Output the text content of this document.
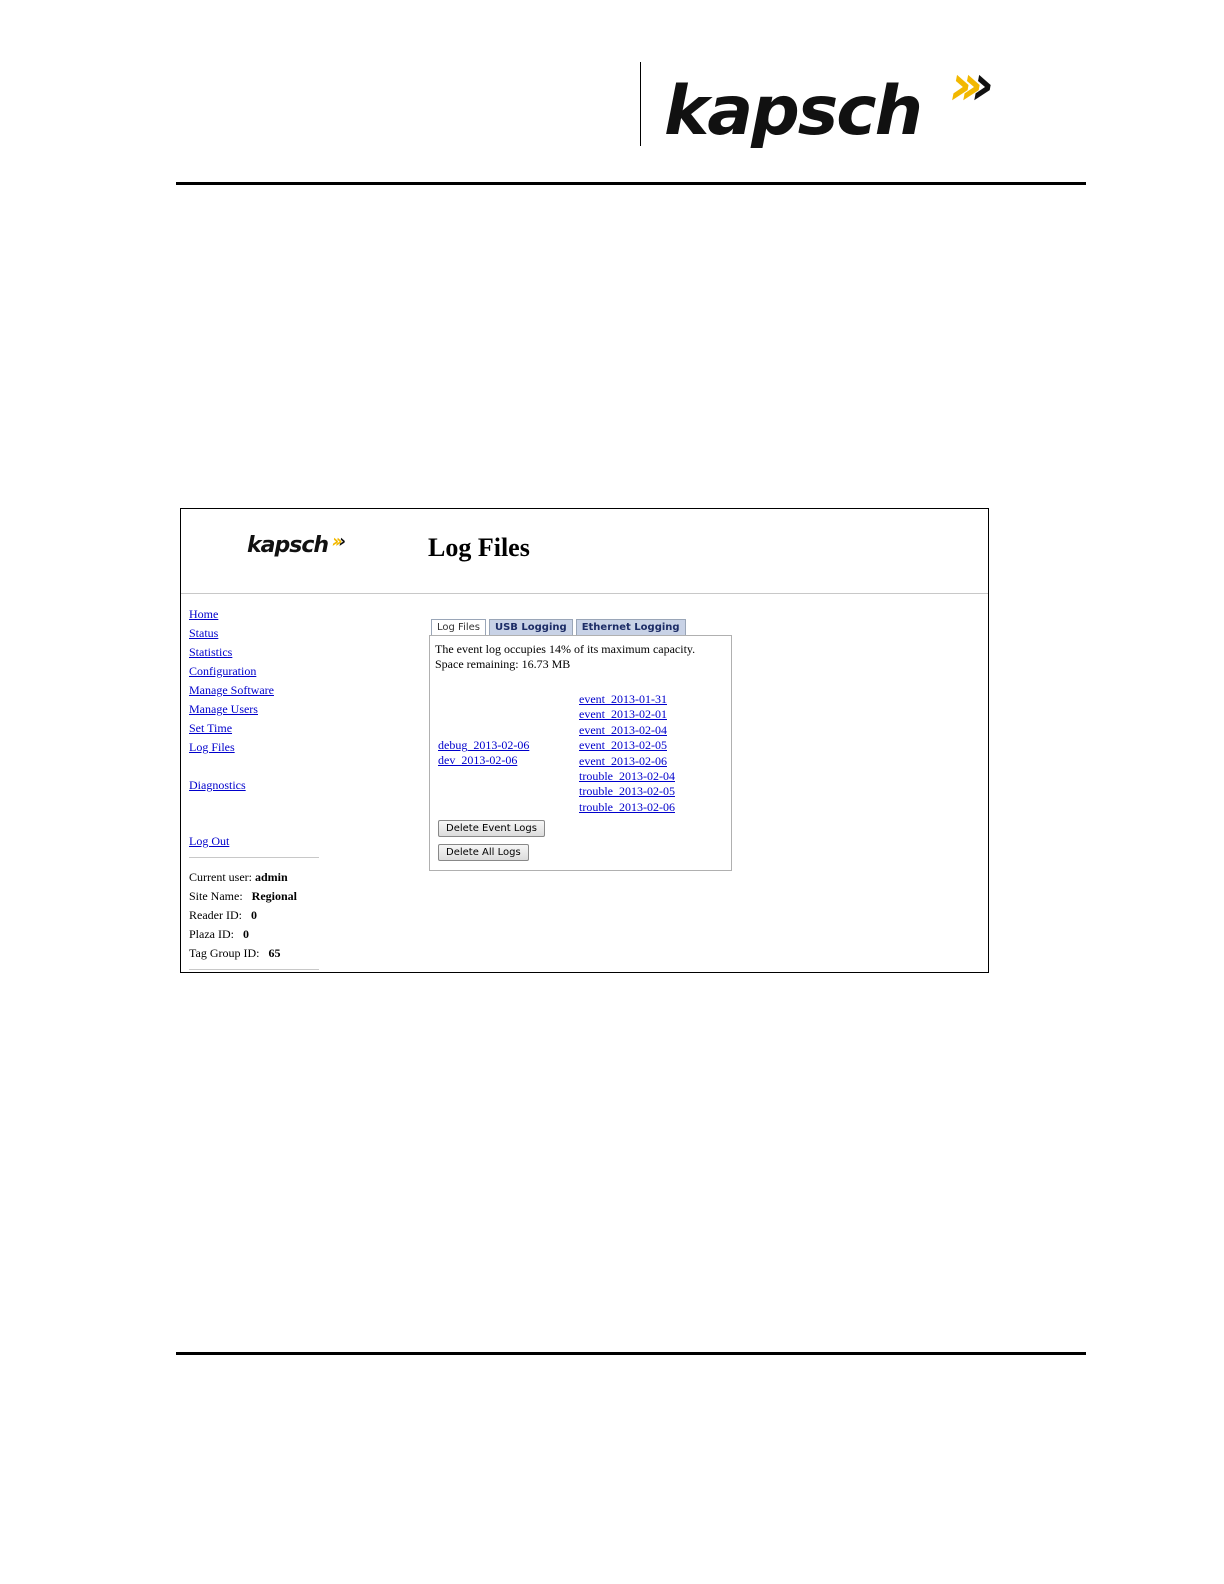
kapsch ›››
kapsch ›››	Log Files
Home
Status
Statistics
Configuration
Manage Software
Manage Users
Set Time
Log Files
Diagnostics
Log Out
Current user: admin
Site Name: Regional
Reader ID: 0
Plaza ID: 0
Tag Group ID: 65
Log Files	USB Logging	Ethernet Logging
The event log occupies 14% of its maximum capacity.
Space remaining: 16.73 MB
debug_2013-02-06
dev_2013-02-06
event_2013-01-31
event_2013-02-01
event_2013-02-04
event_2013-02-05
event_2013-02-06
trouble_2013-02-04
trouble_2013-02-05
trouble_2013-02-06
Delete Event Logs
Delete All Logs
